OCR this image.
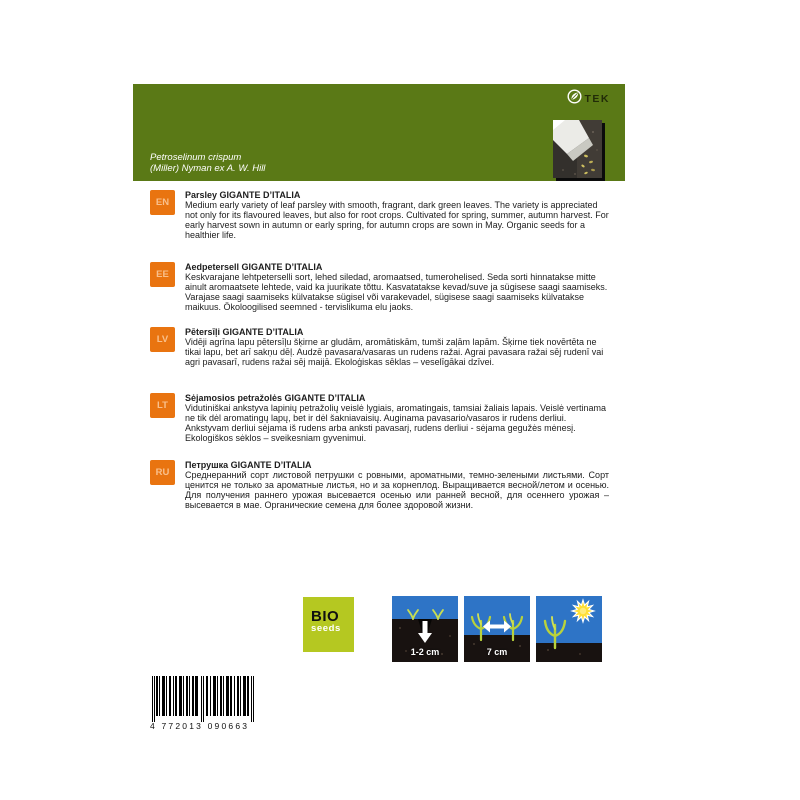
TEK
Petroselinum crispum
(Miller) Nyman ex A. W. Hill
EN
Parsley GIGANTE D’ITALIA
Medium early variety of leaf parsley with smooth, fragrant, dark green leaves. The variety is appreciated not only for its flavoured leaves, but also for root crops. Cultivated for spring, summer, autumn harvest. For early harvest sown in autumn or early spring, for autumn crops are sown in May. Organic seeds for a healthier life.
EE
Aedpetersell GIGANTE D’ITALIA
Keskvarajane lehtpeterselli sort, lehed siledad, aromaatsed, tumerohelised. Seda sorti hinnatakse mitte ainult aromaatsete lehtede, vaid ka juurikate tõttu. Kasvatatakse kevad/suve ja sügisese saagi saamiseks. Varajase saagi saamiseks külvatakse sügisel või varakevadel, sügisese saagi saamiseks külvatakse maikuus. Ökoloogilised seemned - tervislikuma elu jaoks.
LV
Pētersīļi GIGANTE D’ITALIA
Vidēji agrīna lapu pētersīļu šķirne ar gludām, aromātiskām, tumši zaļām lapām. Šķirne tiek novērtēta ne tikai lapu, bet arī sakņu dēļ. Audzē pavasara/vasaras un rudens ražai. Agrai pavasara ražai sēj rudenī vai agri pavasarī, rudens ražai sēj maijā. Ekoloģiskas sēklas – veselīgākai dzīvei.
LT
Sėjamosios petražolės GIGANTE D’ITALIA
Vidutiniškai ankstyva lapinių petražolių veislė lygiais, aromatingais, tamsiai žaliais lapais. Veislė vertinama ne tik dėl aromatingų lapų, bet ir dėl šakniavaisių. Auginama pavasario/vasaros ir rudens derliui. Ankstyvam derliui sėjama iš rudens arba anksti pavasarį, rudens derliui - sėjama gegužės mėnesį. Ekologiškos sėklos – sveikesniam gyvenimui.
RU
Петрушка GIGANTE D’ITALIA
Среднеранний сорт листовой петрушки с ровными, ароматными, темно-зелеными листьями. Сорт ценится не только за ароматные листья, но и за корнеплод. Выращивается весной/летом и осенью. Для получения раннего урожая высевается осенью или ранней весной, для осеннего урожая – высевается в мае. Органические семена для более здоровой жизни.
BIO
seeds
1-2 cm	7 cm
4 772013 090663
